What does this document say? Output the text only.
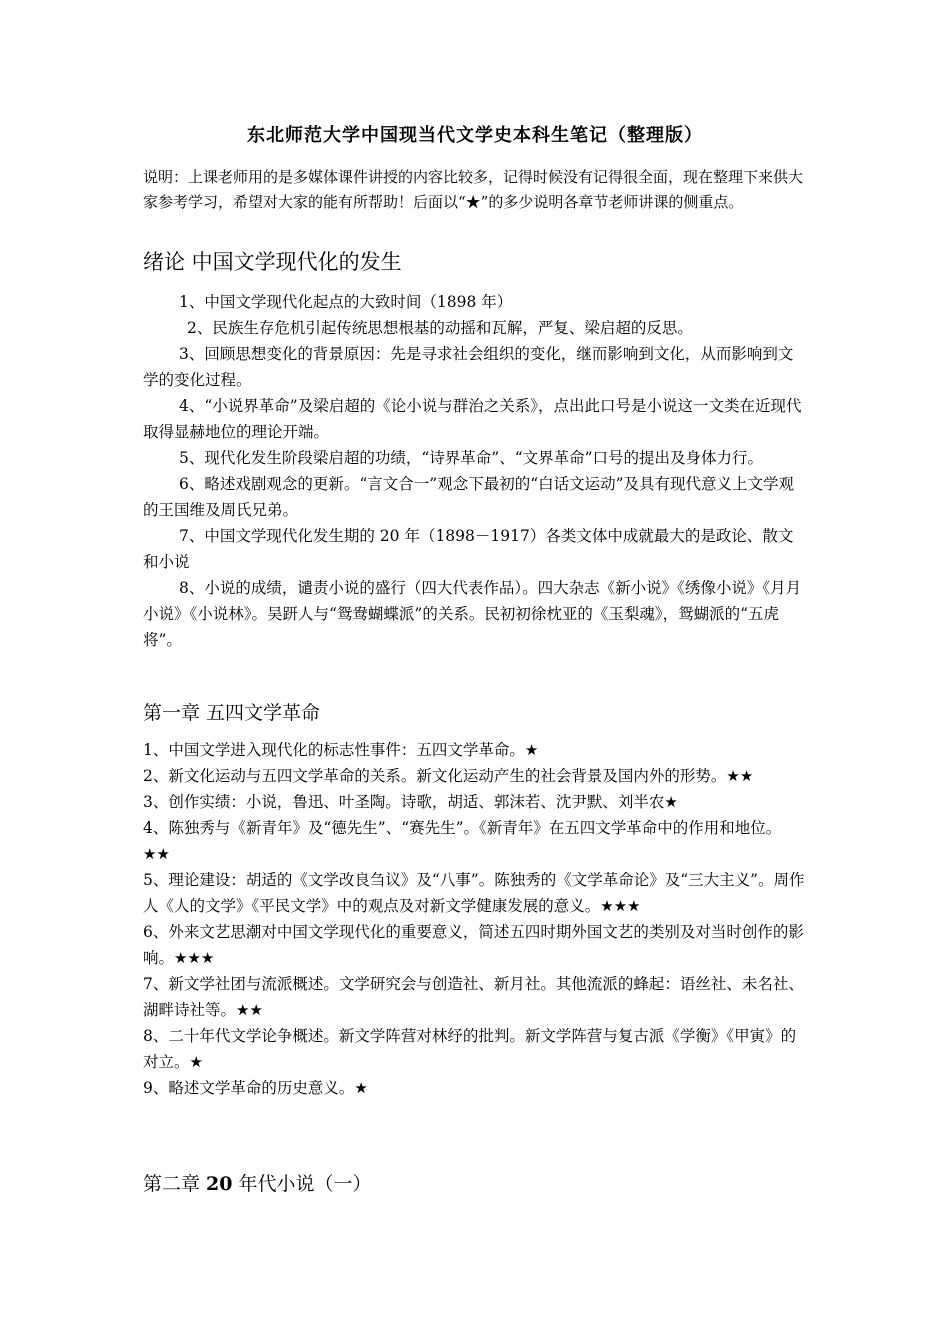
东北师范大学中国现当代文学史本科生笔记（整理版）
说明：上课老师用的是多媒体课件讲授的内容比较多，记得时候没有记得很全面，现在整理下来供大家参考学习，希望对大家的能有所帮助！后面以“★”的多少说明各章节老师讲课的侧重点。
绪论 中国文学现代化的发生

1、中国文学现代化起点的大致时间（1898 年）

2、民族生存危机引起传统思想根基的动摇和瓦解，严复、梁启超的反思。

3、回顾思想变化的背景原因：先是寻求社会组织的变化，继而影响到文化，从而影响到文学的变化过程。

4、“小说界革命”及梁启超的《论小说与群治之关系》，点出此口号是小说这一文类在近现代取得显赫地位的理论开端。

5、现代化发生阶段梁启超的功绩，“诗界革命”、“文界革命”口号的提出及身体力行。

6、略述戏剧观念的更新。“言文合一”观念下最初的“白话文运动”及具有现代意义上文学观的王国维及周氏兄弟。

7、中国文学现代化发生期的 20 年（1898－1917）各类文体中成就最大的是政论、散文和小说

8、小说的成绩，谴责小说的盛行（四大代表作品）。四大杂志《新小说》《绣像小说》《月月小说》《小说林》。吴趼人与“鸳鸯蝴蝶派”的关系。民初初徐枕亚的《玉梨魂》，鸳蝴派的“五虎将”。

第一章 五四文学革命

1、中国文学进入现代化的标志性事件：五四文学革命。★

2、新文化运动与五四文学革命的关系。新文化运动产生的社会背景及国内外的形势。★★

3、创作实绩：小说，鲁迅、叶圣陶。诗歌，胡适、郭沫若、沈尹默、刘半农★

4、陈独秀与《新青年》及“德先生”、“赛先生”。《新青年》在五四文学革命中的作用和地位。★★

5、理论建设：胡适的《文学改良刍议》及“八事”。陈独秀的《文学革命论》及“三大主义”。周作人《人的文学》《平民文学》中的观点及对新文学健康发展的意义。★★★

6、外来文艺思潮对中国文学现代化的重要意义，简述五四时期外国文艺的类别及对当时创作的影响。★★★

7、新文学社团与流派概述。文学研究会与创造社、新月社。其他流派的蜂起：语丝社、未名社、湖畔诗社等。★★

8、二十年代文学论争概述。新文学阵营对林纾的批判。新文学阵营与复古派《学衡》《甲寅》的对立。★

9、略述文学革命的历史意义。★

第二章 20 年代小说（一）
